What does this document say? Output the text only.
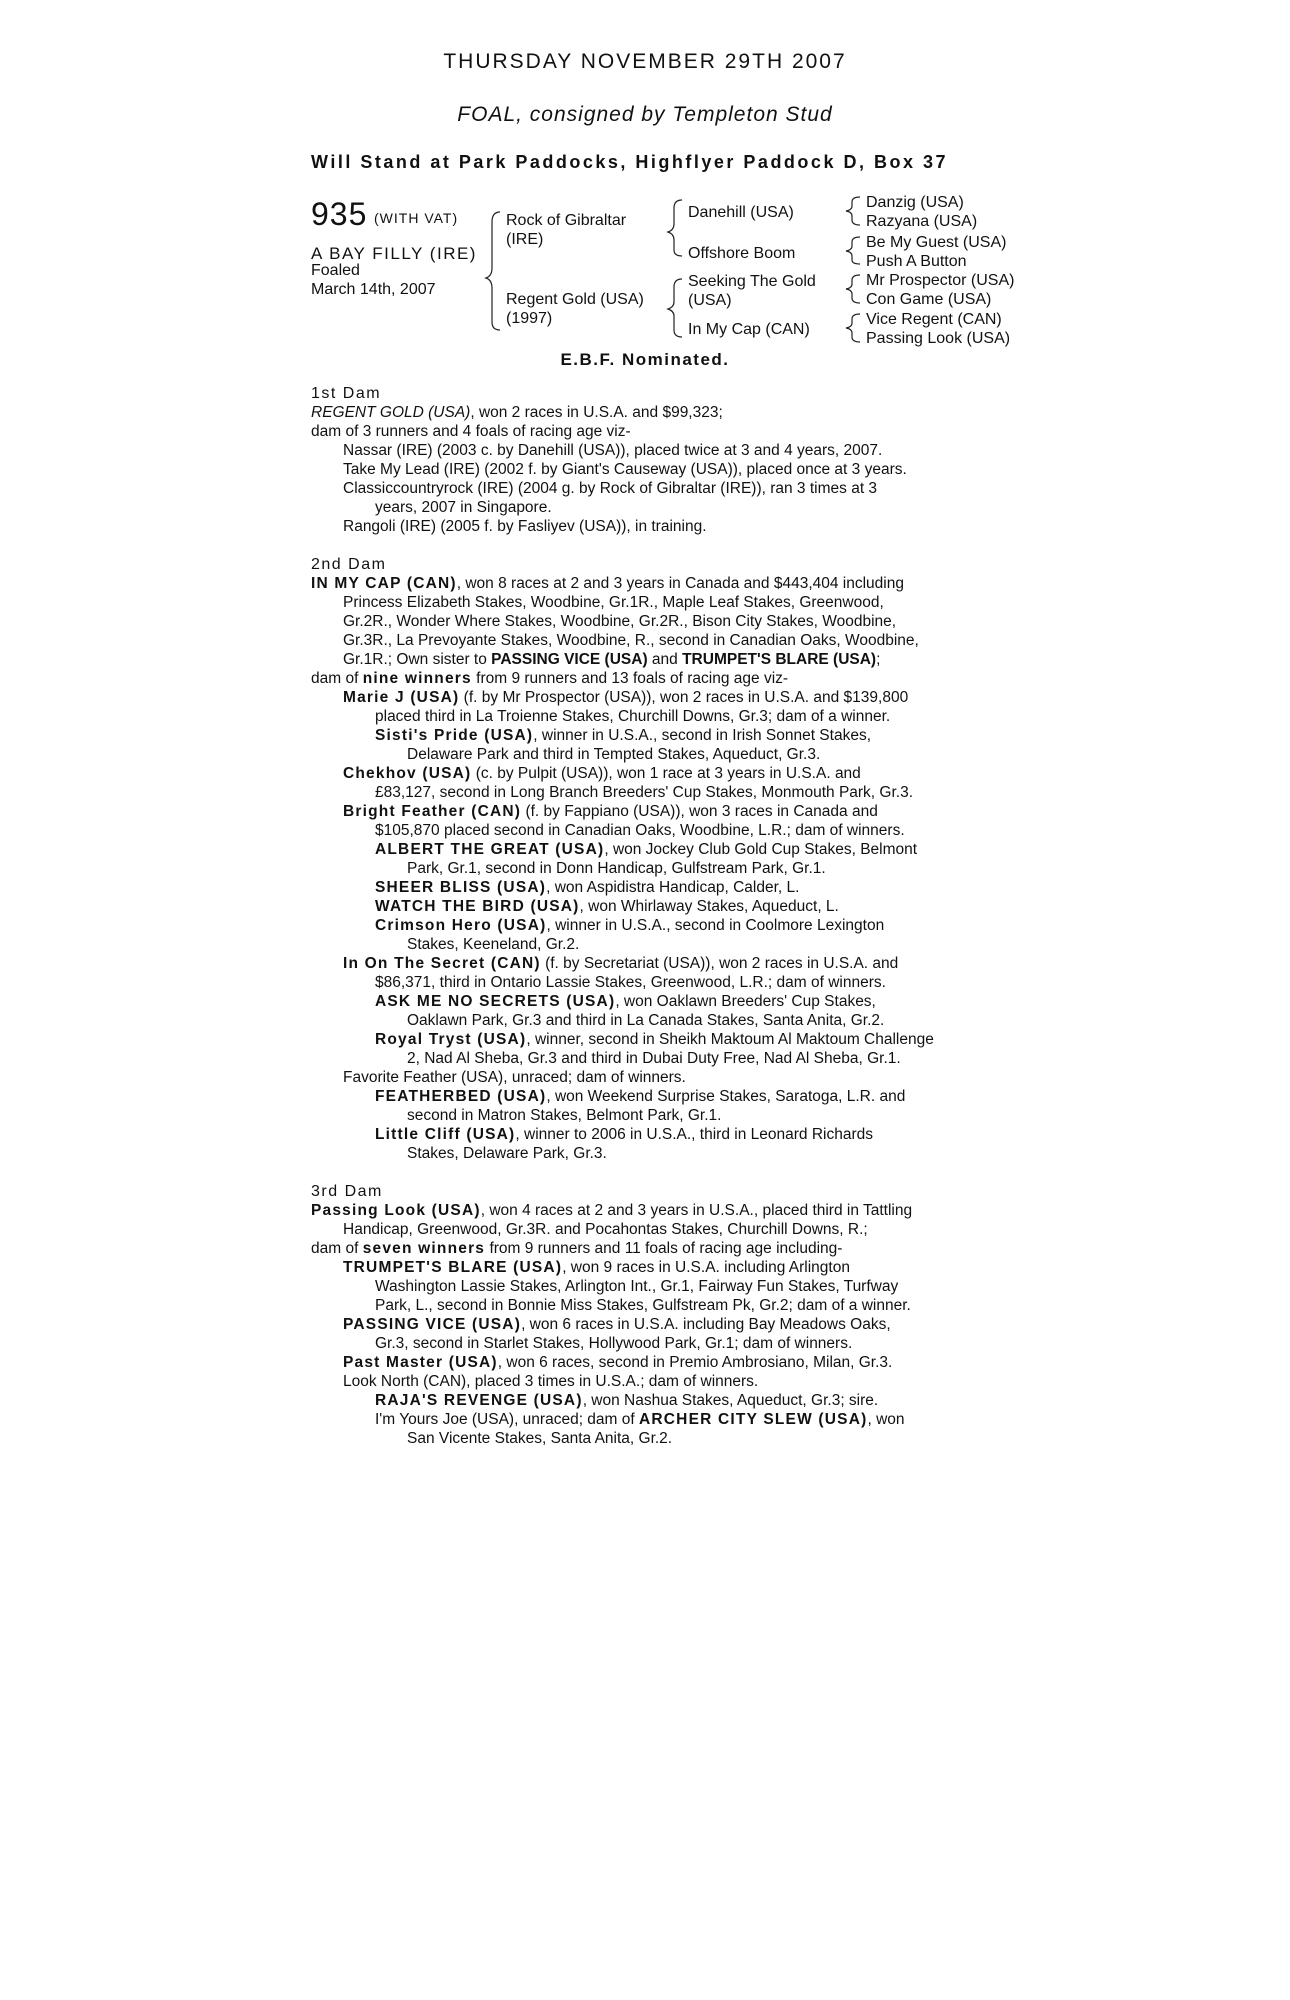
THURSDAY NOVEMBER 29TH 2007
FOAL, consigned by Templeton Stud
Will Stand at Park Paddocks, Highflyer Paddock D, Box 37
935 (WITH VAT)
A BAY FILLY (IRE)
Foaled
March 14th, 2007
Rock of Gibraltar
(IRE)
Regent Gold (USA)
(1997)
Danehill (USA)
Offshore Boom
Seeking The Gold
(USA)
In My Cap (CAN)
Danzig (USA)
Razyana (USA)
Be My Guest (USA)
Push A Button
Mr Prospector (USA)
Con Game (USA)
Vice Regent (CAN)
Passing Look (USA)
E.B.F. Nominated.

1st Dam

REGENT GOLD (USA), won 2 races in U.S.A. and $99,323;

dam of 3 runners and 4 foals of racing age viz-

Nassar (IRE) (2003 c. by Danehill (USA)), placed twice at 3 and 4 years, 2007.

Take My Lead (IRE) (2002 f. by Giant's Causeway (USA)), placed once at 3 years.

Classiccountryrock (IRE) (2004 g. by Rock of Gibraltar (IRE)), ran 3 times at 3

years, 2007 in Singapore.

Rangoli (IRE) (2005 f. by Fasliyev (USA)), in training.

2nd Dam

IN MY CAP (CAN), won 8 races at 2 and 3 years in Canada and $443,404 including

Princess Elizabeth Stakes, Woodbine, Gr.1R., Maple Leaf Stakes, Greenwood,

Gr.2R., Wonder Where Stakes, Woodbine, Gr.2R., Bison City Stakes, Woodbine,

Gr.3R., La Prevoyante Stakes, Woodbine, R., second in Canadian Oaks, Woodbine,

Gr.1R.; Own sister to PASSING VICE (USA) and TRUMPET'S BLARE (USA);

dam of nine winners from 9 runners and 13 foals of racing age viz-

Marie J (USA) (f. by Mr Prospector (USA)), won 2 races in U.S.A. and $139,800

placed third in La Troienne Stakes, Churchill Downs, Gr.3; dam of a winner.

Sisti's Pride (USA), winner in U.S.A., second in Irish Sonnet Stakes,

Delaware Park and third in Tempted Stakes, Aqueduct, Gr.3.

Chekhov (USA) (c. by Pulpit (USA)), won 1 race at 3 years in U.S.A. and

£83,127, second in Long Branch Breeders' Cup Stakes, Monmouth Park, Gr.3.

Bright Feather (CAN) (f. by Fappiano (USA)), won 3 races in Canada and

$105,870 placed second in Canadian Oaks, Woodbine, L.R.; dam of winners.

ALBERT THE GREAT (USA), won Jockey Club Gold Cup Stakes, Belmont

Park, Gr.1, second in Donn Handicap, Gulfstream Park, Gr.1.

SHEER BLISS (USA), won Aspidistra Handicap, Calder, L.

WATCH THE BIRD (USA), won Whirlaway Stakes, Aqueduct, L.

Crimson Hero (USA), winner in U.S.A., second in Coolmore Lexington

Stakes, Keeneland, Gr.2.

In On The Secret (CAN) (f. by Secretariat (USA)), won 2 races in U.S.A. and

$86,371, third in Ontario Lassie Stakes, Greenwood, L.R.; dam of winners.

ASK ME NO SECRETS (USA), won Oaklawn Breeders' Cup Stakes,

Oaklawn Park, Gr.3 and third in La Canada Stakes, Santa Anita, Gr.2.

Royal Tryst (USA), winner, second in Sheikh Maktoum Al Maktoum Challenge

2, Nad Al Sheba, Gr.3 and third in Dubai Duty Free, Nad Al Sheba, Gr.1.

Favorite Feather (USA), unraced; dam of winners.

FEATHERBED (USA), won Weekend Surprise Stakes, Saratoga, L.R. and

second in Matron Stakes, Belmont Park, Gr.1.

Little Cliff (USA), winner to 2006 in U.S.A., third in Leonard Richards

Stakes, Delaware Park, Gr.3.

3rd Dam

Passing Look (USA), won 4 races at 2 and 3 years in U.S.A., placed third in Tattling

Handicap, Greenwood, Gr.3R. and Pocahontas Stakes, Churchill Downs, R.;

dam of seven winners from 9 runners and 11 foals of racing age including-

TRUMPET'S BLARE (USA), won 9 races in U.S.A. including Arlington

Washington Lassie Stakes, Arlington Int., Gr.1, Fairway Fun Stakes, Turfway

Park, L., second in Bonnie Miss Stakes, Gulfstream Pk, Gr.2; dam of a winner.

PASSING VICE (USA), won 6 races in U.S.A. including Bay Meadows Oaks,

Gr.3, second in Starlet Stakes, Hollywood Park, Gr.1; dam of winners.

Past Master (USA), won 6 races, second in Premio Ambrosiano, Milan, Gr.3.

Look North (CAN), placed 3 times in U.S.A.; dam of winners.

RAJA'S REVENGE (USA), won Nashua Stakes, Aqueduct, Gr.3; sire.

I'm Yours Joe (USA), unraced; dam of ARCHER CITY SLEW (USA), won

San Vicente Stakes, Santa Anita, Gr.2.
